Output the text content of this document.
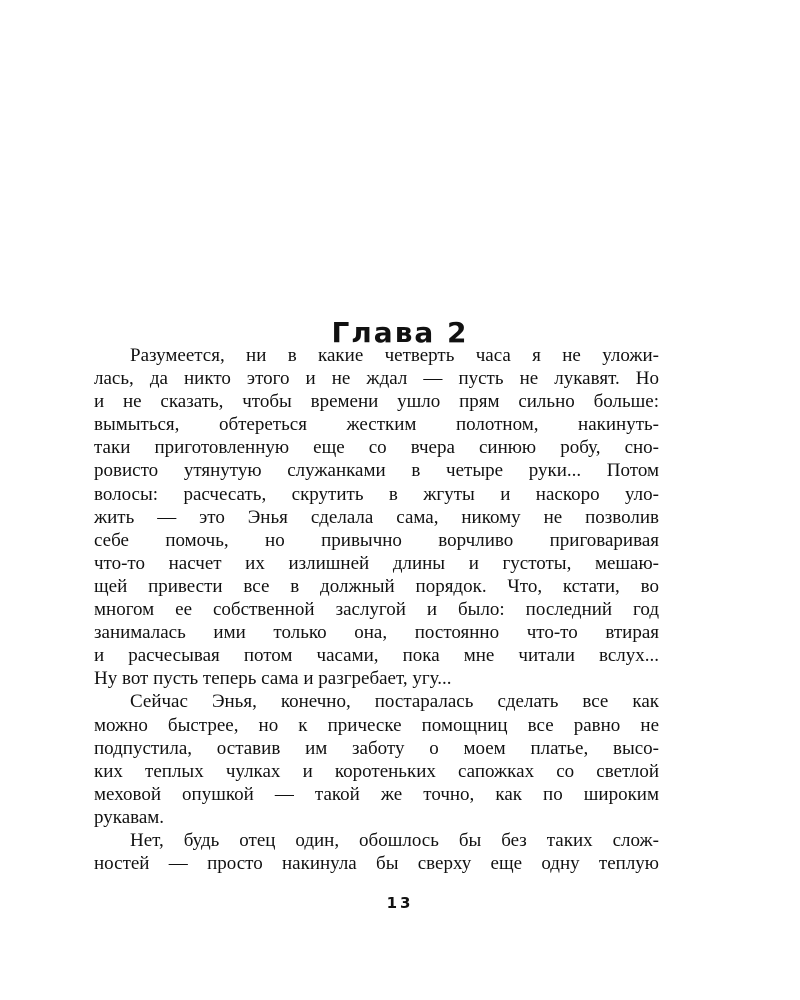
Глава 2
Разумеется, ни в какие четверть часа я не уложи-
лась, да никто этого и не ждал — пусть не лукавят. Но
и не сказать, чтобы времени ушло прям сильно больше:
вымыться, обтереться жестким полотном, накинуть-
таки приготовленную еще со вчера синюю робу, сно-
ровисто утянутую служанками в четыре руки... Потом
волосы: расчесать, скрутить в жгуты и наскоро уло-
жить — это Энья сделала сама, никому не позволив
себе помочь, но привычно ворчливо приговаривая
что-то насчет их излишней длины и густоты, мешаю-
щей привести все в должный порядок. Что, кстати, во
многом ее собственной заслугой и было: последний год
занималась ими только она, постоянно что-то втирая
и расчесывая потом часами, пока мне читали вслух...
Ну вот пусть теперь сама и разгребает, угу...
Сейчас Энья, конечно, постаралась сделать все как
можно быстрее, но к прическе помощниц все равно не
подпустила, оставив им заботу о моем платье, высо-
ких теплых чулках и коротеньких сапожках со светлой
меховой опушкой — такой же точно, как по широким
рукавам.
Нет, будь отец один, обошлось бы без таких слож-
ностей — просто накинула бы сверху еще одну теплую
13
